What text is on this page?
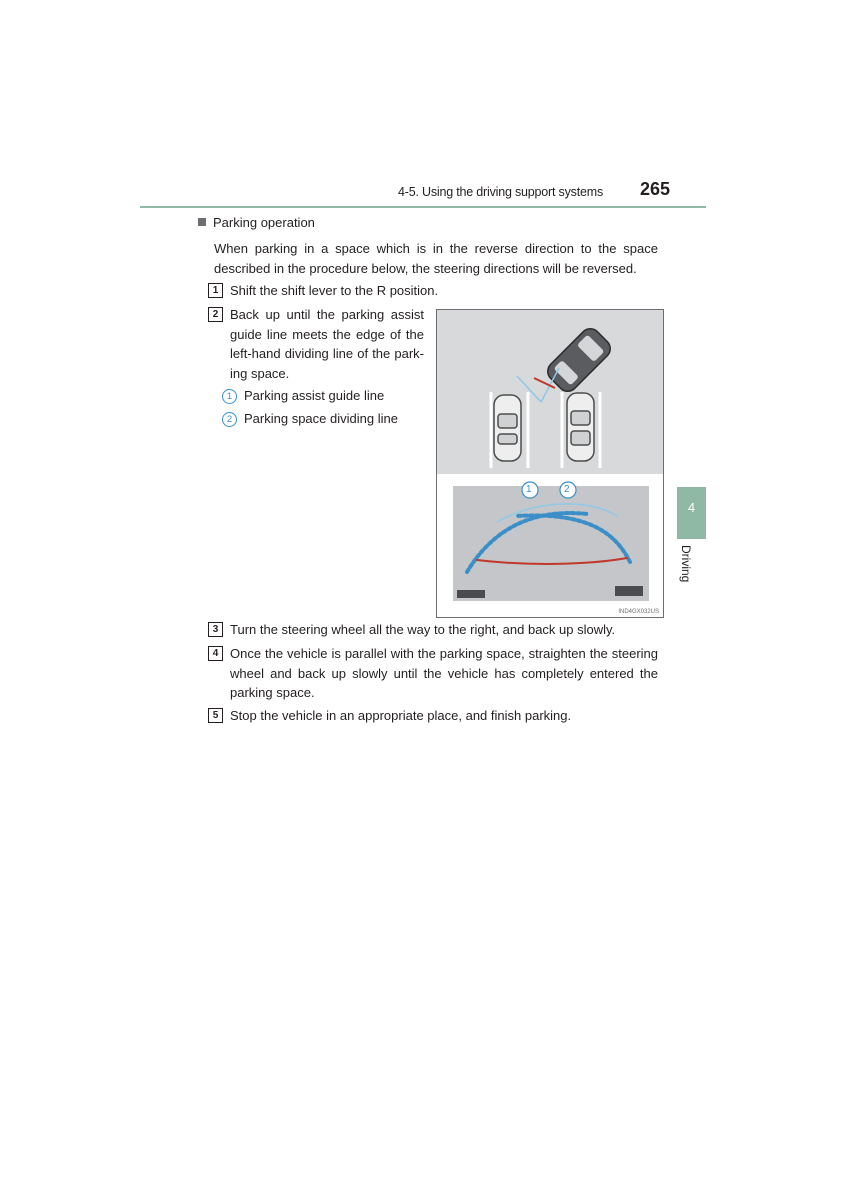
4-5. Using the driving support systems 265
4
Driving
Parking operation
When parking in a space which is in the reverse direction to the space described in the procedure below, the steering directions will be reversed.
1 Shift the shift lever to the R position.
2 Back up until the parking assist guide line meets the edge of the left-hand dividing line of the park-ing space.
1 Parking assist guide line
2 Parking space dividing line
1	2
IND4GX032US
3 Turn the steering wheel all the way to the right, and back up slowly.
4 Once the vehicle is parallel with the parking space, straighten the steering wheel and back up slowly until the vehicle has completely entered the parking space.
5 Stop the vehicle in an appropriate place, and finish parking.
